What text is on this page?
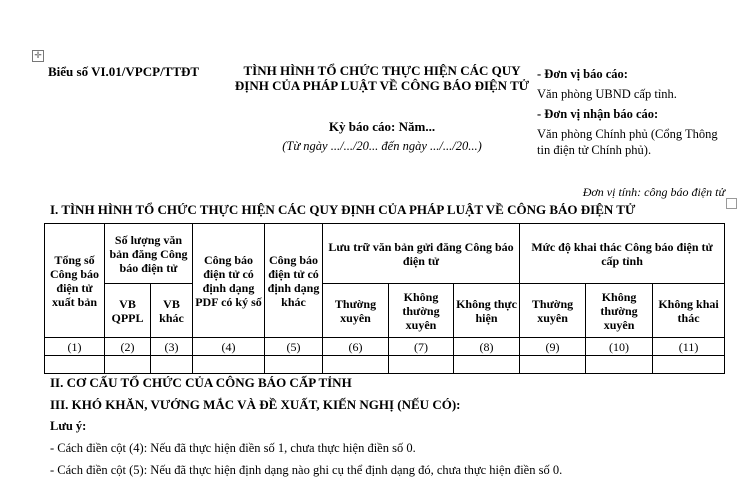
✛
Biểu số VI.01/VPCP/TTĐT	TÌNH HÌNH TỔ CHỨC THỰC HIỆN CÁC QUY ĐỊNH CỦA PHÁP LUẬT VỀ CÔNG BÁO ĐIỆN TỬ
Kỳ báo cáo: Năm...
(Từ ngày .../.../20... đến ngày .../.../20...)
- Đơn vị báo cáo:
Văn phòng UBND cấp tỉnh.
- Đơn vị nhận báo cáo:
Văn phòng Chính phủ (Cổng Thông tin điện tử Chính phủ).
Đơn vị tính: công báo điện tử
I. TÌNH HÌNH TỔ CHỨC THỰC HIỆN CÁC QUY ĐỊNH CỦA PHÁP LUẬT VỀ CÔNG BÁO ĐIỆN TỬ
Tổng số Công báo điện tử xuất bản	Số lượng văn bản đăng Công báo điện tử		Công báo điện tử có định dạng PDF có ký số	Công báo điện tử có định dạng khác	Lưu trữ văn bản gửi đăng Công báo điện tử			Mức độ khai thác Công báo điện tử cấp tỉnh		
	VB QPPL	VB khác			Thường xuyên	Không thường xuyên	Không thực hiện	Thường xuyên	Không thường xuyên	Không khai thác
(1)	(2)	(3)	(4)	(5)	(6)	(7)	(8)	(9)	(10)	(11)

II. CƠ CẤU TỔ CHỨC CỦA CÔNG BÁO CẤP TỈNH
III. KHÓ KHĂN, VƯỚNG MẮC VÀ ĐỀ XUẤT, KIẾN NGHỊ (NẾU CÓ):
Lưu ý:
- Cách điền cột (4): Nếu đã thực hiện điền số 1, chưa thực hiện điền số 0.
- Cách điền cột (5): Nếu đã thực hiện định dạng nào ghi cụ thể định dạng đó, chưa thực hiện điền số 0.
